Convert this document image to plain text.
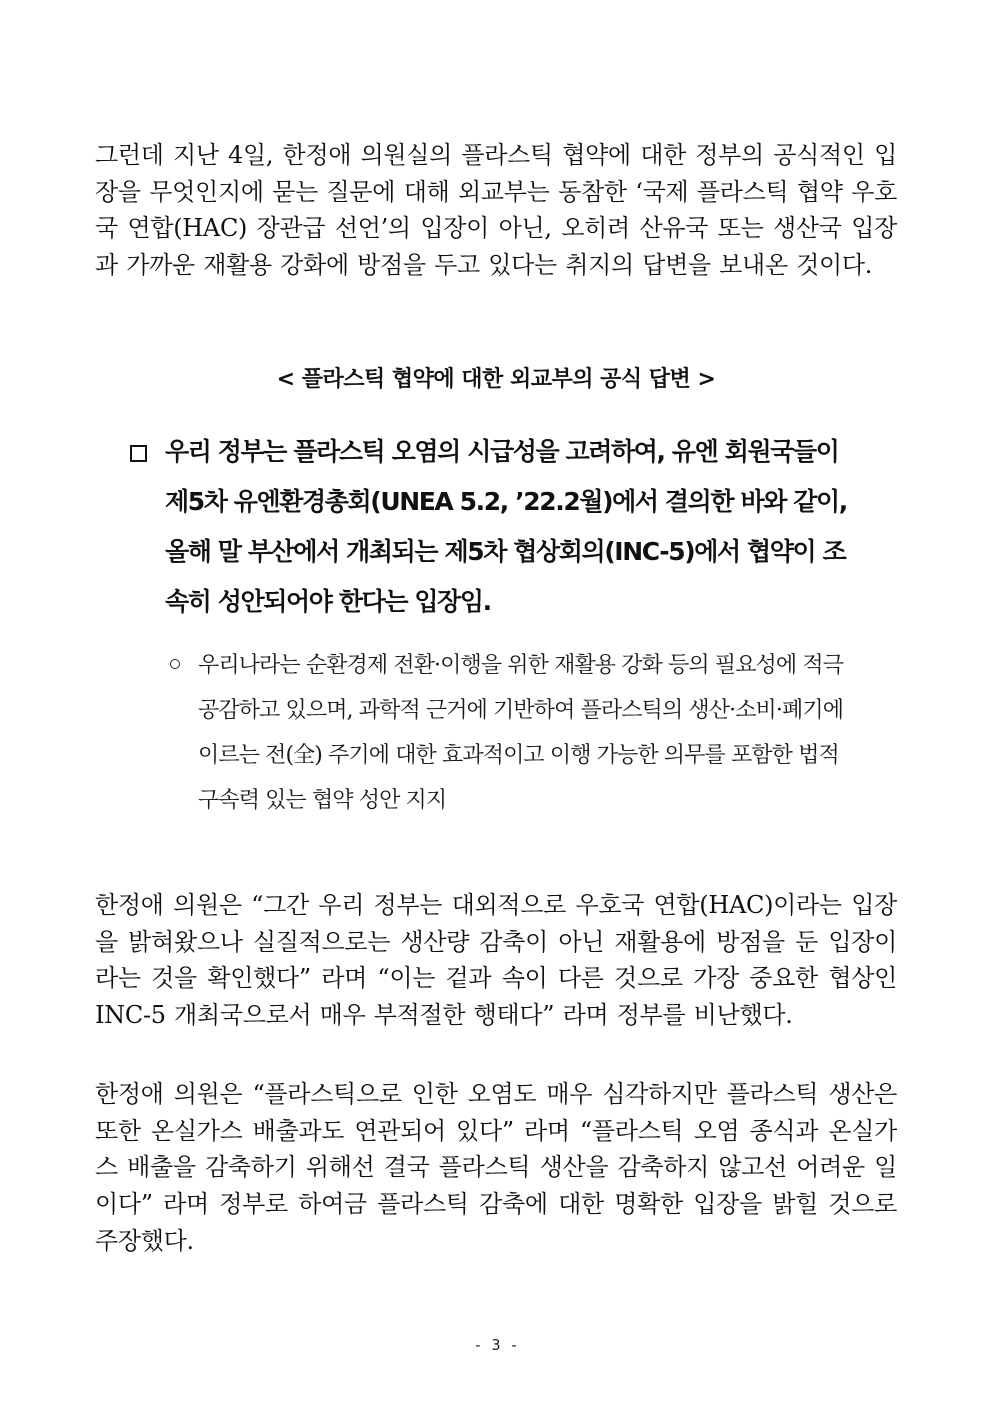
그런데 지난 4일, 한정애 의원실의 플라스틱 협약에 대한 정부의 공식적인 입장을 무엇인지에 묻는 질문에 대해 외교부는 동참한 ‘국제 플라스틱 협약 우호국 연합(HAC) 장관급 선언’의 입장이 아닌, 오히려 산유국 또는 생산국 입장과 가까운 재활용 강화에 방점을 두고 있다는 취지의 답변을 보내온 것이다.

< 플라스틱 협약에 대한 외교부의 공식 답변 >

우리 정부는 플라스틱 오염의 시급성을 고려하여, 유엔 회원국들이 제5차 유엔환경총회(UNEA 5.2, ’22.2월)에서 결의한 바와 같이, 올해 말 부산에서 개최되는 제5차 협상회의(INC-5)에서 협약이 조속히 성안되어야 한다는 입장임.

우리나라는 순환경제 전환·이행을 위한 재활용 강화 등의 필요성에 적극 공감하고 있으며, 과학적 근거에 기반하여 플라스틱의 생산·소비·폐기에 이르는 전(全) 주기에 대한 효과적이고 이행 가능한 의무를 포함한 법적 구속력 있는 협약 성안 지지

한정애 의원은 “그간 우리 정부는 대외적으로 우호국 연합(HAC)이라는 입장을 밝혀왔으나 실질적으로는 생산량 감축이 아닌 재활용에 방점을 둔 입장이라는 것을 확인했다” 라며 “이는 겉과 속이 다른 것으로 가장 중요한 협상인 INC-5 개최국으로서 매우 부적절한 행태다” 라며 정부를 비난했다.

한정애 의원은 “플라스틱으로 인한 오염도 매우 심각하지만 플라스틱 생산은 또한 온실가스 배출과도 연관되어 있다” 라며 “플라스틱 오염 종식과 온실가스 배출을 감축하기 위해선 결국 플라스틱 생산을 감축하지 않고선 어려운 일이다” 라며 정부로 하여금 플라스틱 감축에 대한 명확한 입장을 밝힐 것으로 주장했다.

- 3 -
